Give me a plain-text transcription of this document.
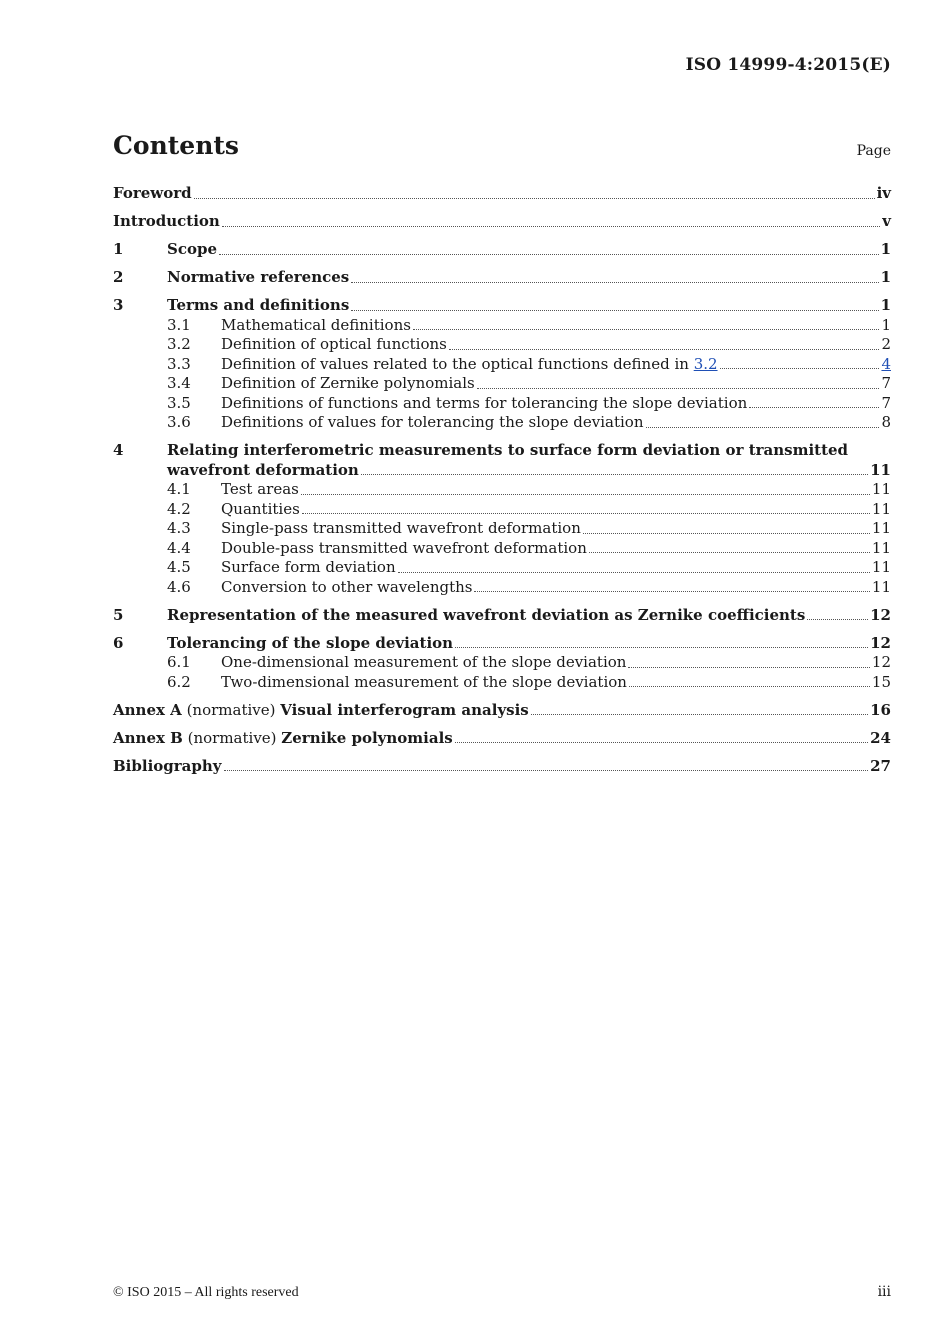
ISO 14999-4:2015(E)
Contents	Page
Foreword	iv
Introduction	v
1	Scope	1
2	Normative references	1
3	Terms and definitions	1
3.1	Mathematical definitions	1
3.2	Definition of optical functions	2
3.3	Definition of values related to the optical functions defined in 3.2	4
3.4	Definition of Zernike polynomials	7
3.5	Definitions of functions and terms for tolerancing the slope deviation	7
3.6	Definitions of values for tolerancing the slope deviation	8
4	Relating interferometric measurements to surface form deviation or transmitted
wavefront deformation	11
4.1	Test areas	11
4.2	Quantities	11
4.3	Single-pass transmitted wavefront deformation	11
4.4	Double-pass transmitted wavefront deformation	11
4.5	Surface form deviation	11
4.6	Conversion to other wavelengths	11
5	Representation of the measured wavefront deviation as Zernike coefficients	12
6	Tolerancing of the slope deviation	12
6.1	One-dimensional measurement of the slope deviation	12
6.2	Two-dimensional measurement of the slope deviation	15
Annex A (normative) Visual interferogram analysis	16
Annex B (normative) Zernike polynomials	24
Bibliography	27
© ISO 2015 – All rights reserved	iii
